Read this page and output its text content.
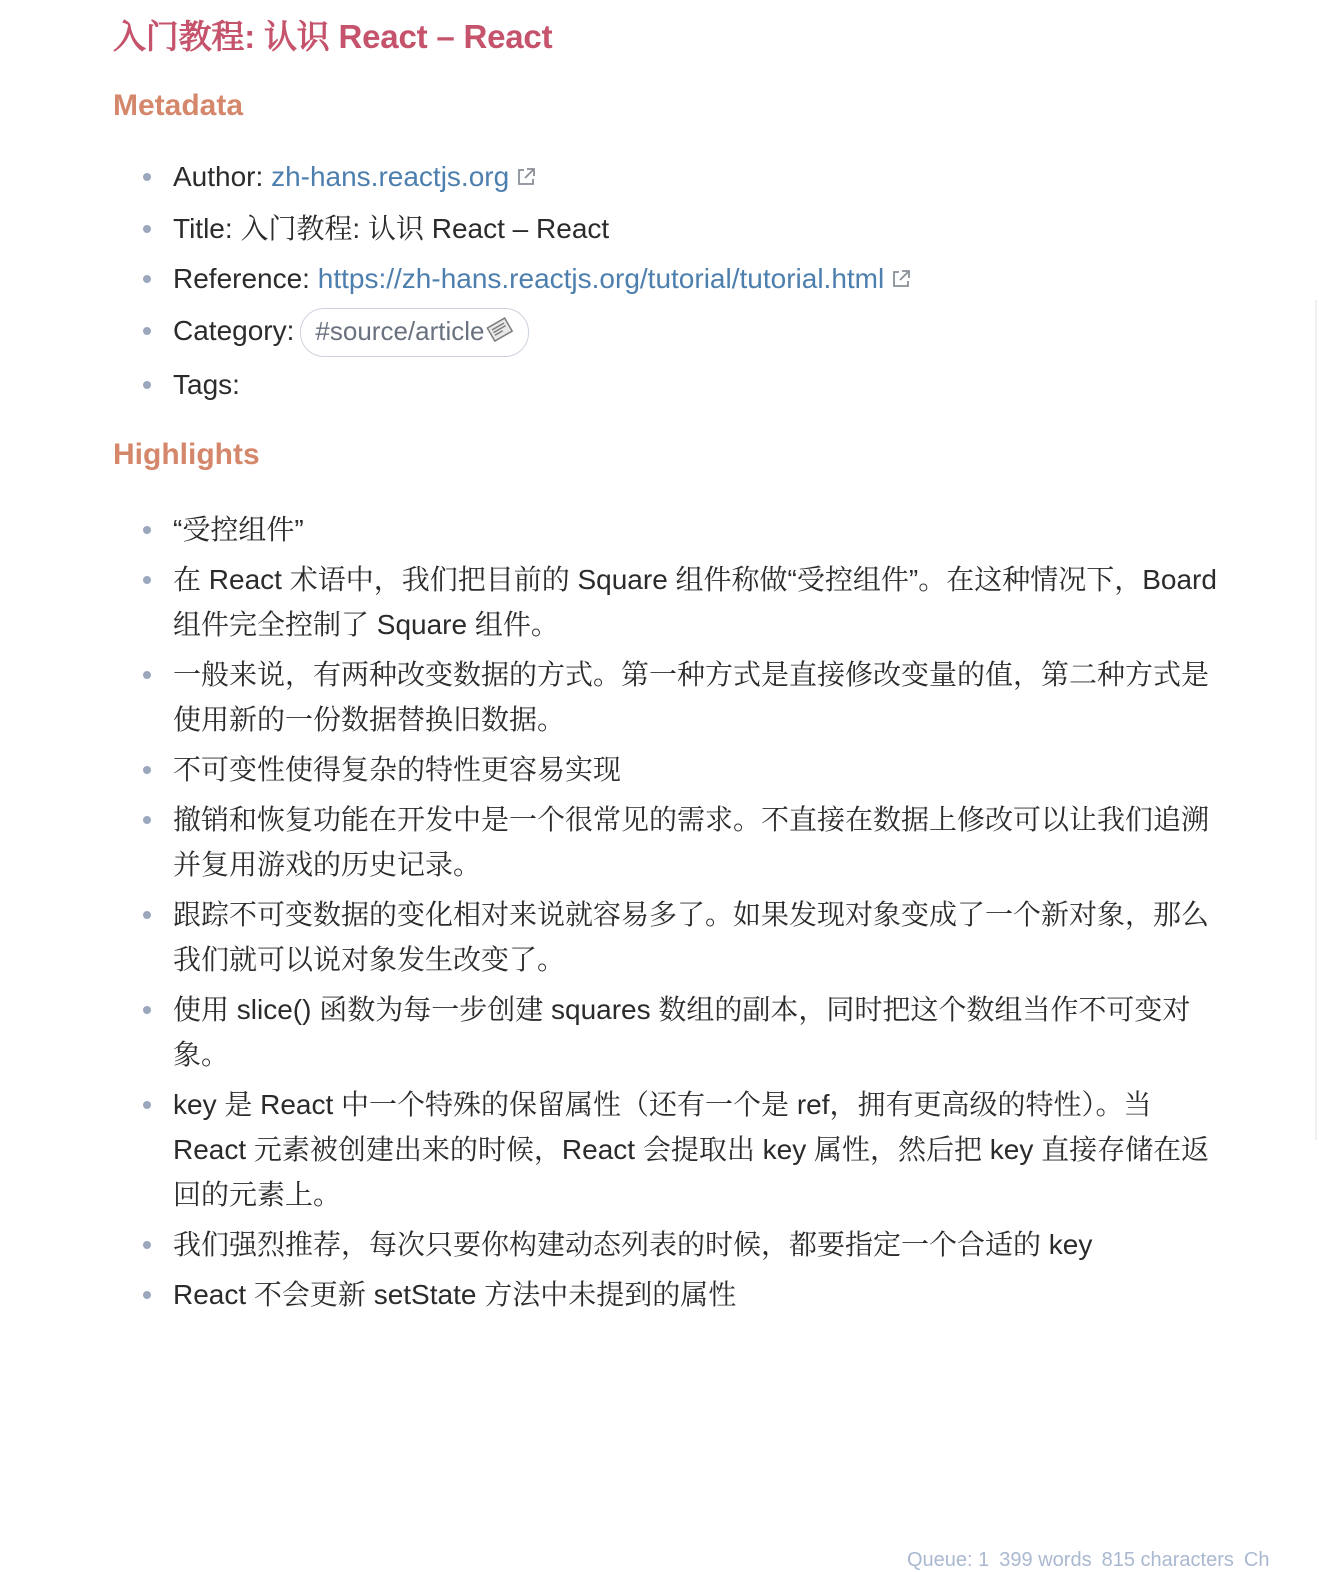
入门教程: 认识 React – React
Metadata
Author: zh-hans.reactjs.org
Title: 入门教程: 认识 React – React
Reference: https://zh-hans.reactjs.org/tutorial/tutorial.html
Category: #source/article
Tags:
Highlights
“受控组件”
在 React 术语中，我们把目前的 Square 组件称做“受控组件”。在这种情况下，Board 组件完全控制了 Square 组件。
一般来说，有两种改变数据的方式。第一种方式是直接修改变量的值，第二种方式是使用新的一份数据替换旧数据。
不可变性使得复杂的特性更容易实现
撤销和恢复功能在开发中是一个很常见的需求。不直接在数据上修改可以让我们追溯并复用游戏的历史记录。
跟踪不可变数据的变化相对来说就容易多了。如果发现对象变成了一个新对象，那么我们就可以说对象发生改变了。
使用 slice() 函数为每一步创建 squares 数组的副本，同时把这个数组当作不可变对象。
key 是 React 中一个特殊的保留属性（还有一个是 ref，拥有更高级的特性）。当 React 元素被创建出来的时候，React 会提取出 key 属性，然后把 key 直接存储在返回的元素上。
我们强烈推荐，每次只要你构建动态列表的时候，都要指定一个合适的 key
React 不会更新 setState 方法中未提到的属性
Queue: 1 399 words 815 characters Ch
